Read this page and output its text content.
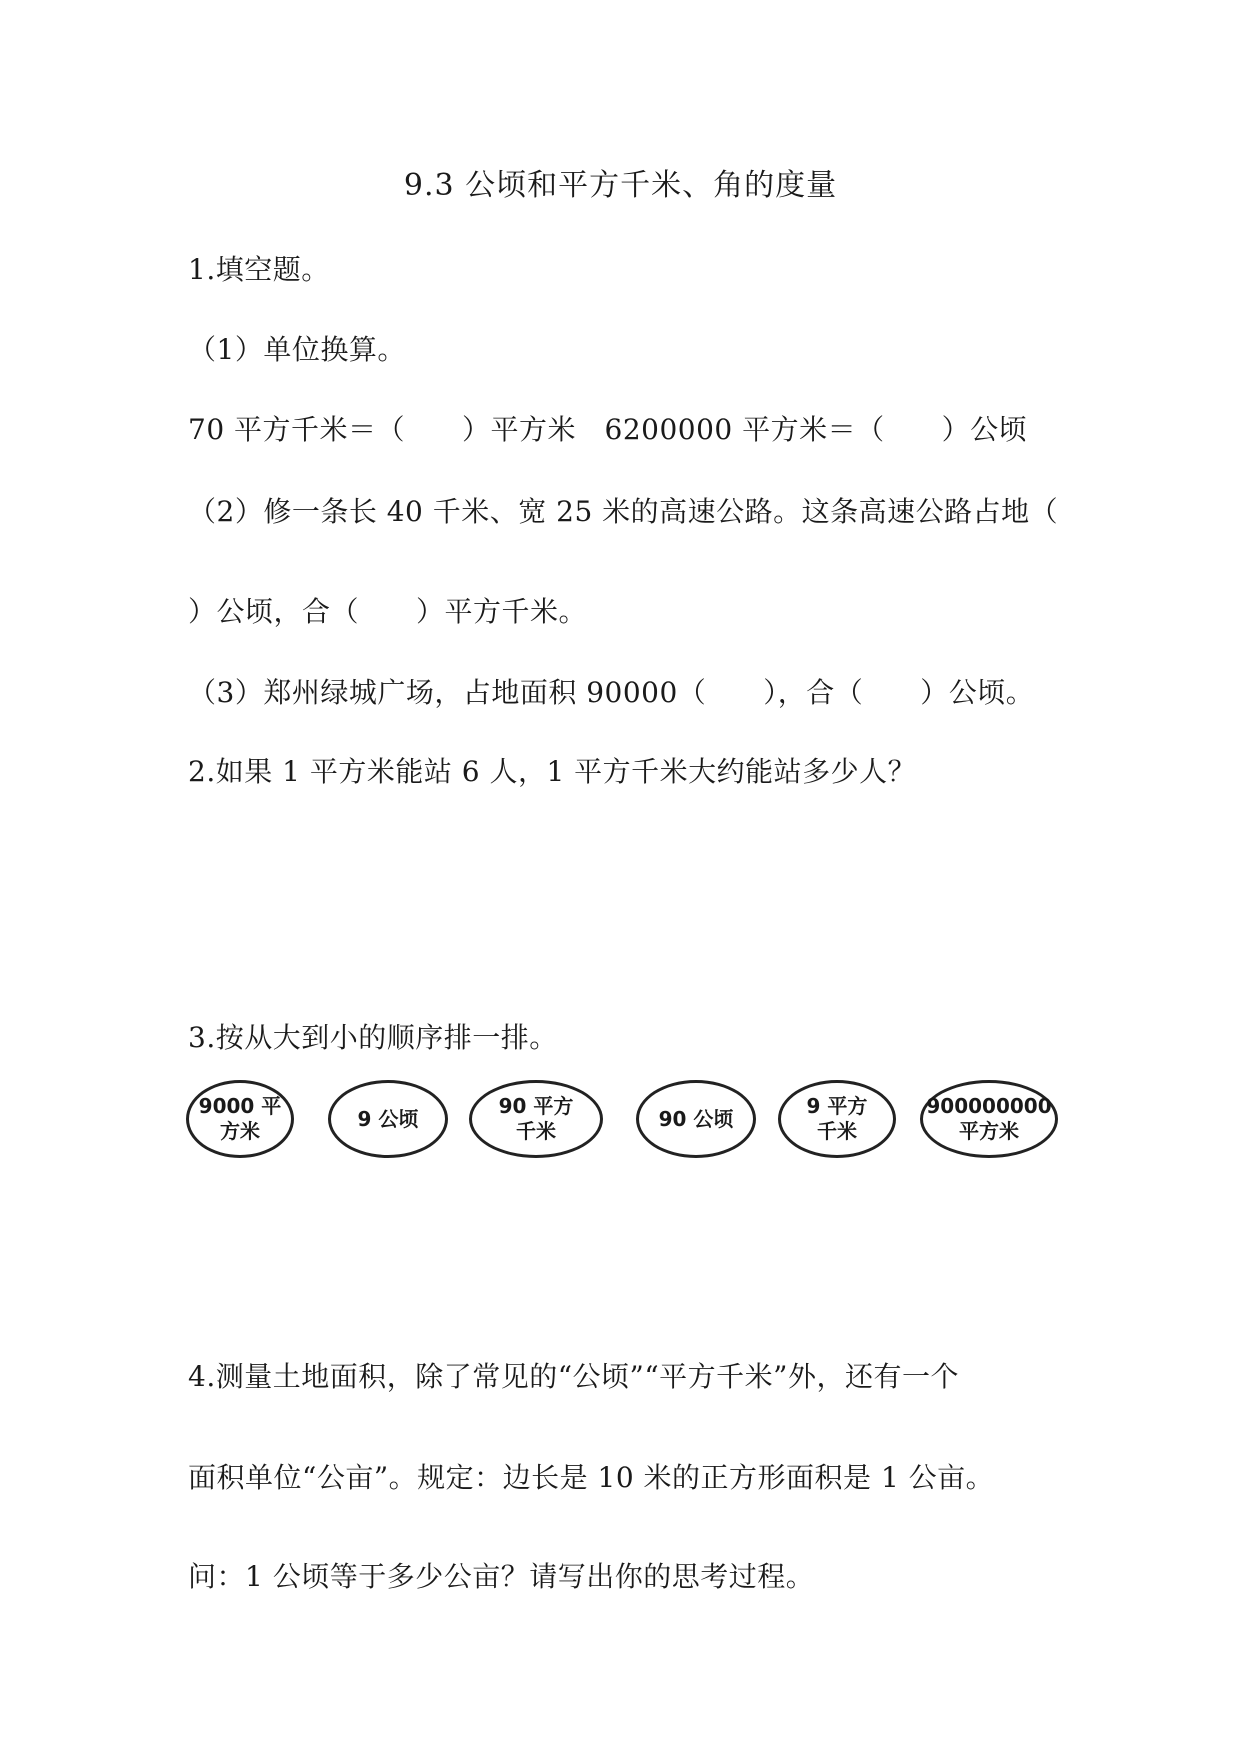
9.3 公顷和平方千米、角的度量
1.填空题。
（1）单位换算。
70 平方千米＝（　　）平方米　6200000 平方米＝（　　）公顷
（2）修一条长 40 千米、宽 25 米的高速公路。这条高速公路占地（
）公顷，合（　　）平方千米。
（3）郑州绿城广场，占地面积 90000（　　），合（　　）公顷。
2.如果 1 平方米能站 6 人，1 平方千米大约能站多少人？
3.按从大到小的顺序排一排。
9000 平
方米
9 公顷
90 平方
千米
90 公顷
9 平方
千米
900000000
平方米
4.测量土地面积，除了常见的“公顷”“平方千米”外，还有一个
面积单位“公亩”。规定：边长是 10 米的正方形面积是 1 公亩。
问：1 公顷等于多少公亩？请写出你的思考过程。
